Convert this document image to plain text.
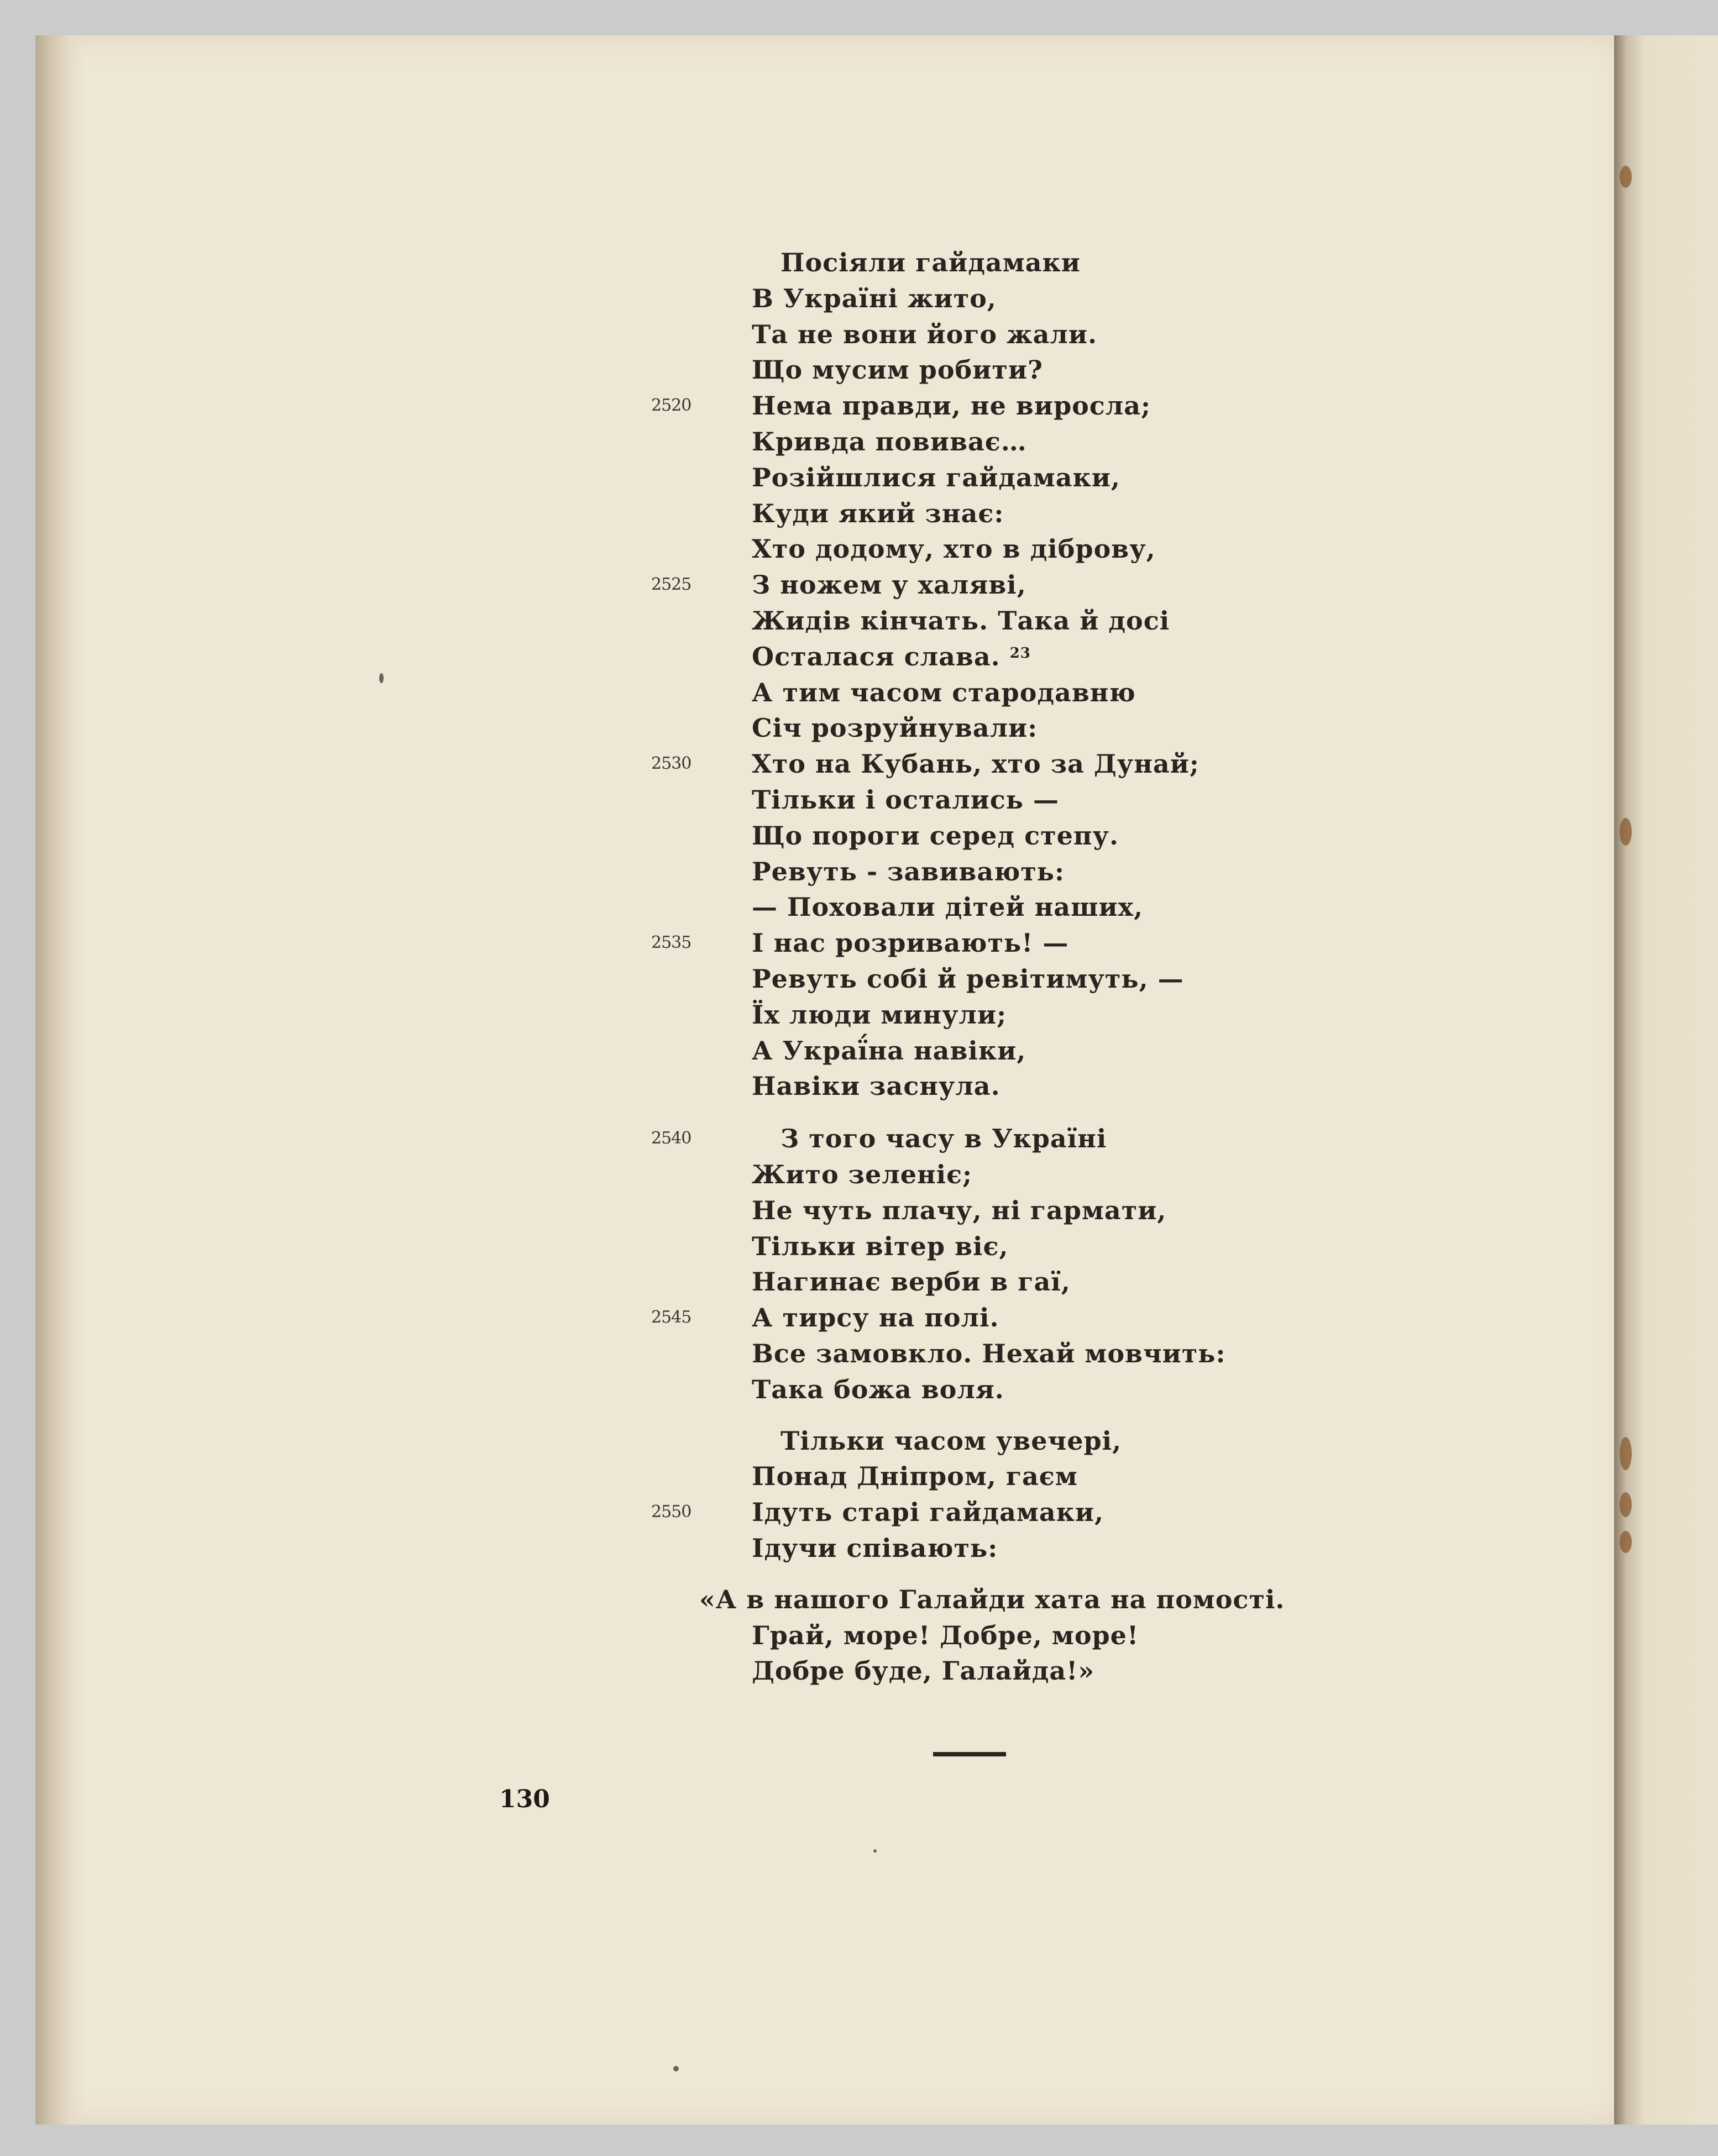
Посіяли гайдамаки
В Україні жито,
Та не вони його жали.
Що мусим робити?
Нема правди, не виросла;
Кривда повиває…
Розійшлися гайдамаки,
Куди який знає:
Хто додому, хто в діброву,
З ножем у халяві,
Жидів кінчать. Така й досі
Осталася слава. $^{23}$
А тим часом стародавню
Січ розруйнували:
Хто на Кубань, хто за Дунай;
Тільки і остались —
Що пороги серед степу.
Ревуть - завивають:
— Поховали дітей наших,
І нас розривають! —
Ревуть собі й ревітимуть, —
Їх люди минули;
А Украї́на навіки,
Навіки заснула.
З того часу в Україні
Жито зеленіє;
Не чуть плачу, ні гармати,
Тільки вітер віє,
Нагинає верби в гаї,
А тирсу на полі.
Все замовкло. Нехай мовчить:
Така божа воля.
Тільки часом увечері,
Понад Дніпром, гаєм
Ідуть старі гайдамаки,
Ідучи співають:
«А в нашого Галайди хата на помості.
Грай, море! Добре, море!
Добре буде, Галайда!»
2520
2525
2530
2535
2540
2545
2550
130
